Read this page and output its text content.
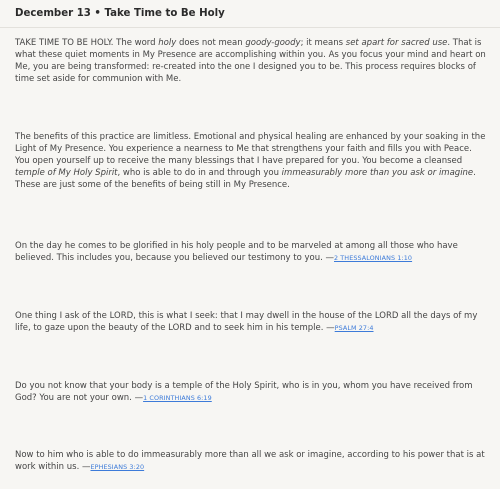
December 13 • Take Time to Be Holy

TAKE TIME TO BE HOLY. The word holy does not mean goody-goody; it means set apart for sacred use. That is what these quiet moments in My Presence are accomplishing within you. As you focus your mind and heart on Me, you are being transformed: re-created into the one I designed you to be. This process requires blocks of time set aside for communion with Me.

The benefits of this practice are limitless. Emotional and physical healing are enhanced by your soaking in the Light of My Presence. You experience a nearness to Me that strengthens your faith and fills you with Peace. You open yourself up to receive the many blessings that I have prepared for you. You become a cleansed temple of My Holy Spirit, who is able to do in and through you immeasurably more than you ask or imagine. These are just some of the benefits of being still in My Presence.

On the day he comes to be glorified in his holy people and to be marveled at among all those who have believed. This includes you, because you believed our testimony to you. —2 THESSALONIANS 1:10

One thing I ask of the LORD, this is what I seek: that I may dwell in the house of the LORD all the days of my life, to gaze upon the beauty of the LORD and to seek him in his temple. —PSALM 27:4

Do you not know that your body is a temple of the Holy Spirit, who is in you, whom you have received from God? You are not your own. —1 CORINTHIANS 6:19

Now to him who is able to do immeasurably more than all we ask or imagine, according to his power that is at work within us. —EPHESIANS 3:20
